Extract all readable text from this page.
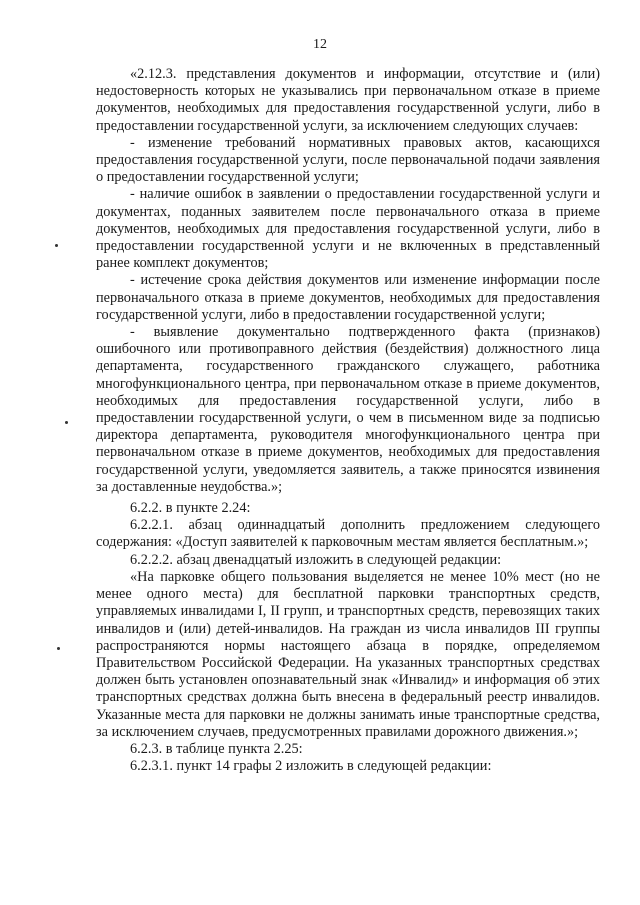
12

«2.12.3. представления документов и информации, отсутствие и (или) недостоверность которых не указывались при первоначальном отказе в приеме документов, необходимых для предоставления государственной услуги, либо в предоставлении государственной услуги, за исключением следующих случаев:

- изменение требований нормативных правовых актов, касающихся предоставления государственной услуги, после первоначальной подачи заявления о предоставлении государственной услуги;

- наличие ошибок в заявлении о предоставлении государственной услуги и документах, поданных заявителем после первоначального отказа в приеме документов, необходимых для предоставления государственной услуги, либо в предоставлении государственной услуги и не включенных в представленный ранее комплект документов;

- истечение срока действия документов или изменение информации после первоначального отказа в приеме документов, необходимых для предоставления государственной услуги, либо в предоставлении государственной услуги;

- выявление документально подтвержденного факта (признаков) ошибочного или противоправного действия (бездействия) должностного лица департамента, государственного гражданского служащего, работника многофункционального центра, при первоначальном отказе в приеме документов, необходимых для предоставления государственной услуги, либо в предоставлении государственной услуги, о чем в письменном виде за подписью директора департамента, руководителя многофункционального центра при первоначальном отказе в приеме документов, необходимых для предоставления государственной услуги, уведомляется заявитель, а также приносятся извинения за доставленные неудобства.»;

6.2.2. в пункте 2.24:

6.2.2.1. абзац одиннадцатый дополнить предложением следующего содержания: «Доступ заявителей к парковочным местам является бесплатным.»;

6.2.2.2. абзац двенадцатый изложить в следующей редакции:

«На парковке общего пользования выделяется не менее 10% мест (но не менее одного места) для бесплатной парковки транспортных средств, управляемых инвалидами I, II групп, и транспортных средств, перевозящих таких инвалидов и (или) детей-инвалидов. На граждан из числа инвалидов III группы распространяются нормы настоящего абзаца в порядке, определяемом Правительством Российской Федерации. На указанных транспортных средствах должен быть установлен опознавательный знак «Инвалид» и информация об этих транспортных средствах должна быть внесена в федеральный реестр инвалидов. Указанные места для парковки не должны занимать иные транспортные средства, за исключением случаев, предусмотренных правилами дорожного движения.»;

6.2.3. в таблице пункта 2.25:

6.2.3.1. пункт 14 графы 2 изложить в следующей редакции:
